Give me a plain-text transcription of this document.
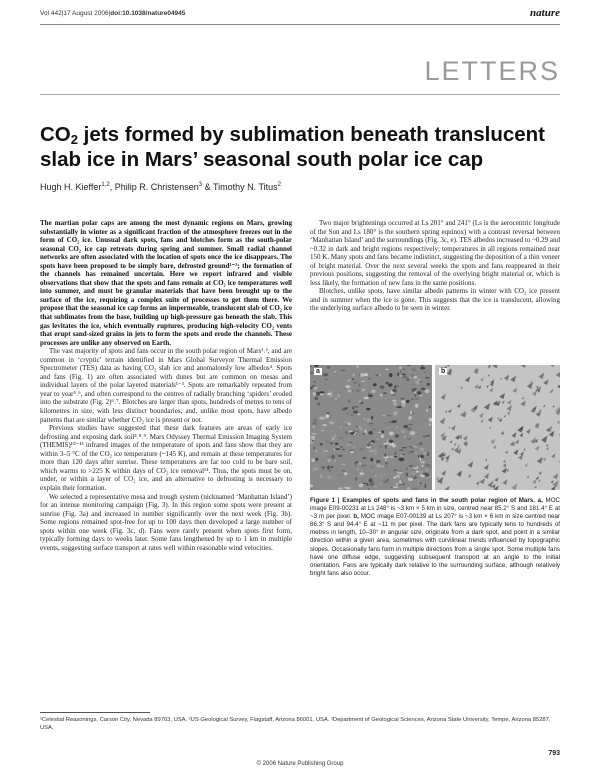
Vol 442|17 August 2006|doi:10.1038/nature04945	nature
LETTERS
$CO_2$ jets formed by sublimation beneath translucent slab ice in Mars’ seasonal south polar ice cap
Hugh H. Kieffer$^{1,2}$, Philip R. Christensen$^3$ & Timothy N. Titus$^2$

The martian polar caps are among the most dynamic regions on Mars, growing substantially in winter as a significant fraction of the atmosphere freezes out in the form of CO₂ ice. Unusual dark spots, fans and blotches form as the south-polar seasonal CO₂ ice cap retreats during spring and summer. Small radial channel networks are often associated with the location of spots once the ice disappears. The spots have been proposed to be simply bare, defrosted ground¹⁻³; the formation of the channels has remained uncertain. Here we report infrared and visible observations that show that the spots and fans remain at CO₂ ice temperatures well into summer, and must be granular materials that have been brought up to the surface of the ice, requiring a complex suite of processes to get them there. We propose that the seasonal ice cap forms an impermeable, translucent slab of CO₂ ice that sublimates from the base, building up high-pressure gas beneath the slab. This gas levitates the ice, which eventually ruptures, producing high-velocity CO₂ vents that erupt sand-sized grains in jets to form the spots and erode the channels. These processes are unlike any observed on Earth.

The vast majority of spots and fans occur in the south polar region of Mars¹˒², and are common in ‘cryptic’ terrain identified in Mars Global Surveyor Thermal Emission Spectrometer (TES) data as having CO₂ slab ice and anomalously low albedos⁴. Spots and fans (Fig. 1) are often associated with dunes but are common on mesas and individual layers of the polar layered materials¹⁻³. Spots are remarkably repeated from year to year⁵˒⁶, and often correspond to the centres of radially branching ‘spiders’ eroded into the substrate (Fig. 2)⁶˒⁷. Blotches are larger than spots, hundreds of metres to tens of kilometres in size, with less distinct boundaries, and, unlike most spots, have albedo patterns that are similar whether CO₂ ice is present or not.

Previous studies have suggested that these dark features are areas of early ice defrosting and exposing dark soil³˒⁸˒⁹. Mars Odyssey Thermal Emission Imaging System (THEMIS)¹⁰⁻¹³ infrared images of the temperature of spots and fans show that they are within 3–5 °C of the CO₂ ice temperature (~145 K), and remain at these temperatures for more than 120 days after sunrise. These temperatures are far too cold to be bare soil, which warms to >225 K within days of CO₂ ice removal¹⁴. Thus, the spots must be on, under, or within a layer of CO₂ ice, and an alternative to defrosting is necessary to explain their formation.

We selected a representative mesa and trough system (nicknamed ‘Manhattan Island’) for an intense monitoring campaign (Fig. 3). In this region some spots were present at sunrise (Fig. 3a) and increased in number significantly over the next week (Fig. 3b). Some regions remained spot-free for up to 100 days then developed a large number of spots within one week (Fig. 3c, d). Fans were rarely present when spots first form, typically forming days to weeks later. Some fans lengthened by up to 1 km in multiple events, suggesting surface transport at rates well within reasonable wind velocities.

Two major brightenings occurred at Ls 201° and 241° (Ls is the aerocentric longitude of the Sun and Ls 180° is the southern spring equinox) with a contrast reversal between ‘Manhattan Island’ and the surroundings (Fig. 3c, e). TES albedos increased to ~0.29 and ~0.32 in dark and bright regions respectively; temperatures in all regions remained near 150 K. Many spots and fans became indistinct, suggesting the deposition of a thin veneer of bright material. Over the next several weeks the spots and fans reappeared in their previous positions, suggesting the removal of the overlying bright material or, which is less likely, the formation of new fans in the same positions.

Blotches, unlike spots, have similar albedo patterns in winter with CO₂ ice present and in summer when the ice is gone. This suggests that the ice is translucent, allowing the underlying surface albedo to be seen in winter.

a	b
Figure 1 | Examples of spots and fans in the south polar region of Mars. a, MOC image E09-00231 at Ls 248° is ~3 km × 5 km in size, centred near 85.2° S and 181.4° E at ~3 m per pixel. b, MOC image E07-00139 at Ls 207° is ~3 km × 6 km in size centred near 86.3° S and 94.4° E at ~11 m per pixel. The dark fans are typically tens to hundreds of metres in length, 10–30° in angular size, originate from a dark spot, and point in a similar direction within a given area, sometimes with curvilinear trends influenced by topographic slopes. Occasionally fans form in multiple directions from a single spot. Some multiple fans have one diffuse edge, suggesting subsequent transport at an angle to the initial orientation. Fans are typically dark relative to the surrounding surface, although relatively bright fans also occur.
¹Celestial Reasonings, Carson City, Nevada 89703, USA. ²US Geological Survey, Flagstaff, Arizona 86001, USA. ³Department of Geological Sciences, Arizona State University, Tempe, Arizona 85287, USA.
793
© 2006 Nature Publishing Group
